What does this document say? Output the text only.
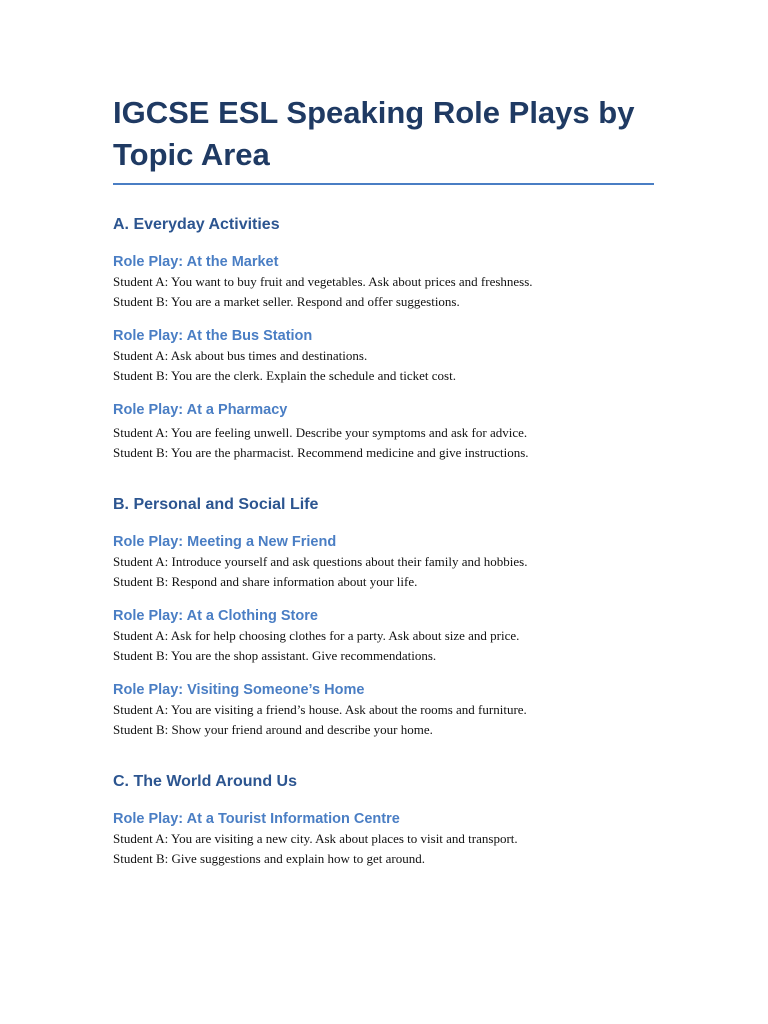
IGCSE ESL Speaking Role Plays by Topic Area
A. Everyday Activities
Role Play: At the Market

Student A: You want to buy fruit and vegetables. Ask about prices and freshness.

Student B: You are a market seller. Respond and offer suggestions.

Role Play: At the Bus Station

Student A: Ask about bus times and destinations.

Student B: You are the clerk. Explain the schedule and ticket cost.

Role Play: At a Pharmacy

Student A: You are feeling unwell. Describe your symptoms and ask for advice.

Student B: You are the pharmacist. Recommend medicine and give instructions.

B. Personal and Social Life
Role Play: Meeting a New Friend

Student A: Introduce yourself and ask questions about their family and hobbies.

Student B: Respond and share information about your life.

Role Play: At a Clothing Store

Student A: Ask for help choosing clothes for a party. Ask about size and price.

Student B: You are the shop assistant. Give recommendations.

Role Play: Visiting Someone’s Home

Student A: You are visiting a friend’s house. Ask about the rooms and furniture.

Student B: Show your friend around and describe your home.

C. The World Around Us
Role Play: At a Tourist Information Centre

Student A: You are visiting a new city. Ask about places to visit and transport.

Student B: Give suggestions and explain how to get around.
